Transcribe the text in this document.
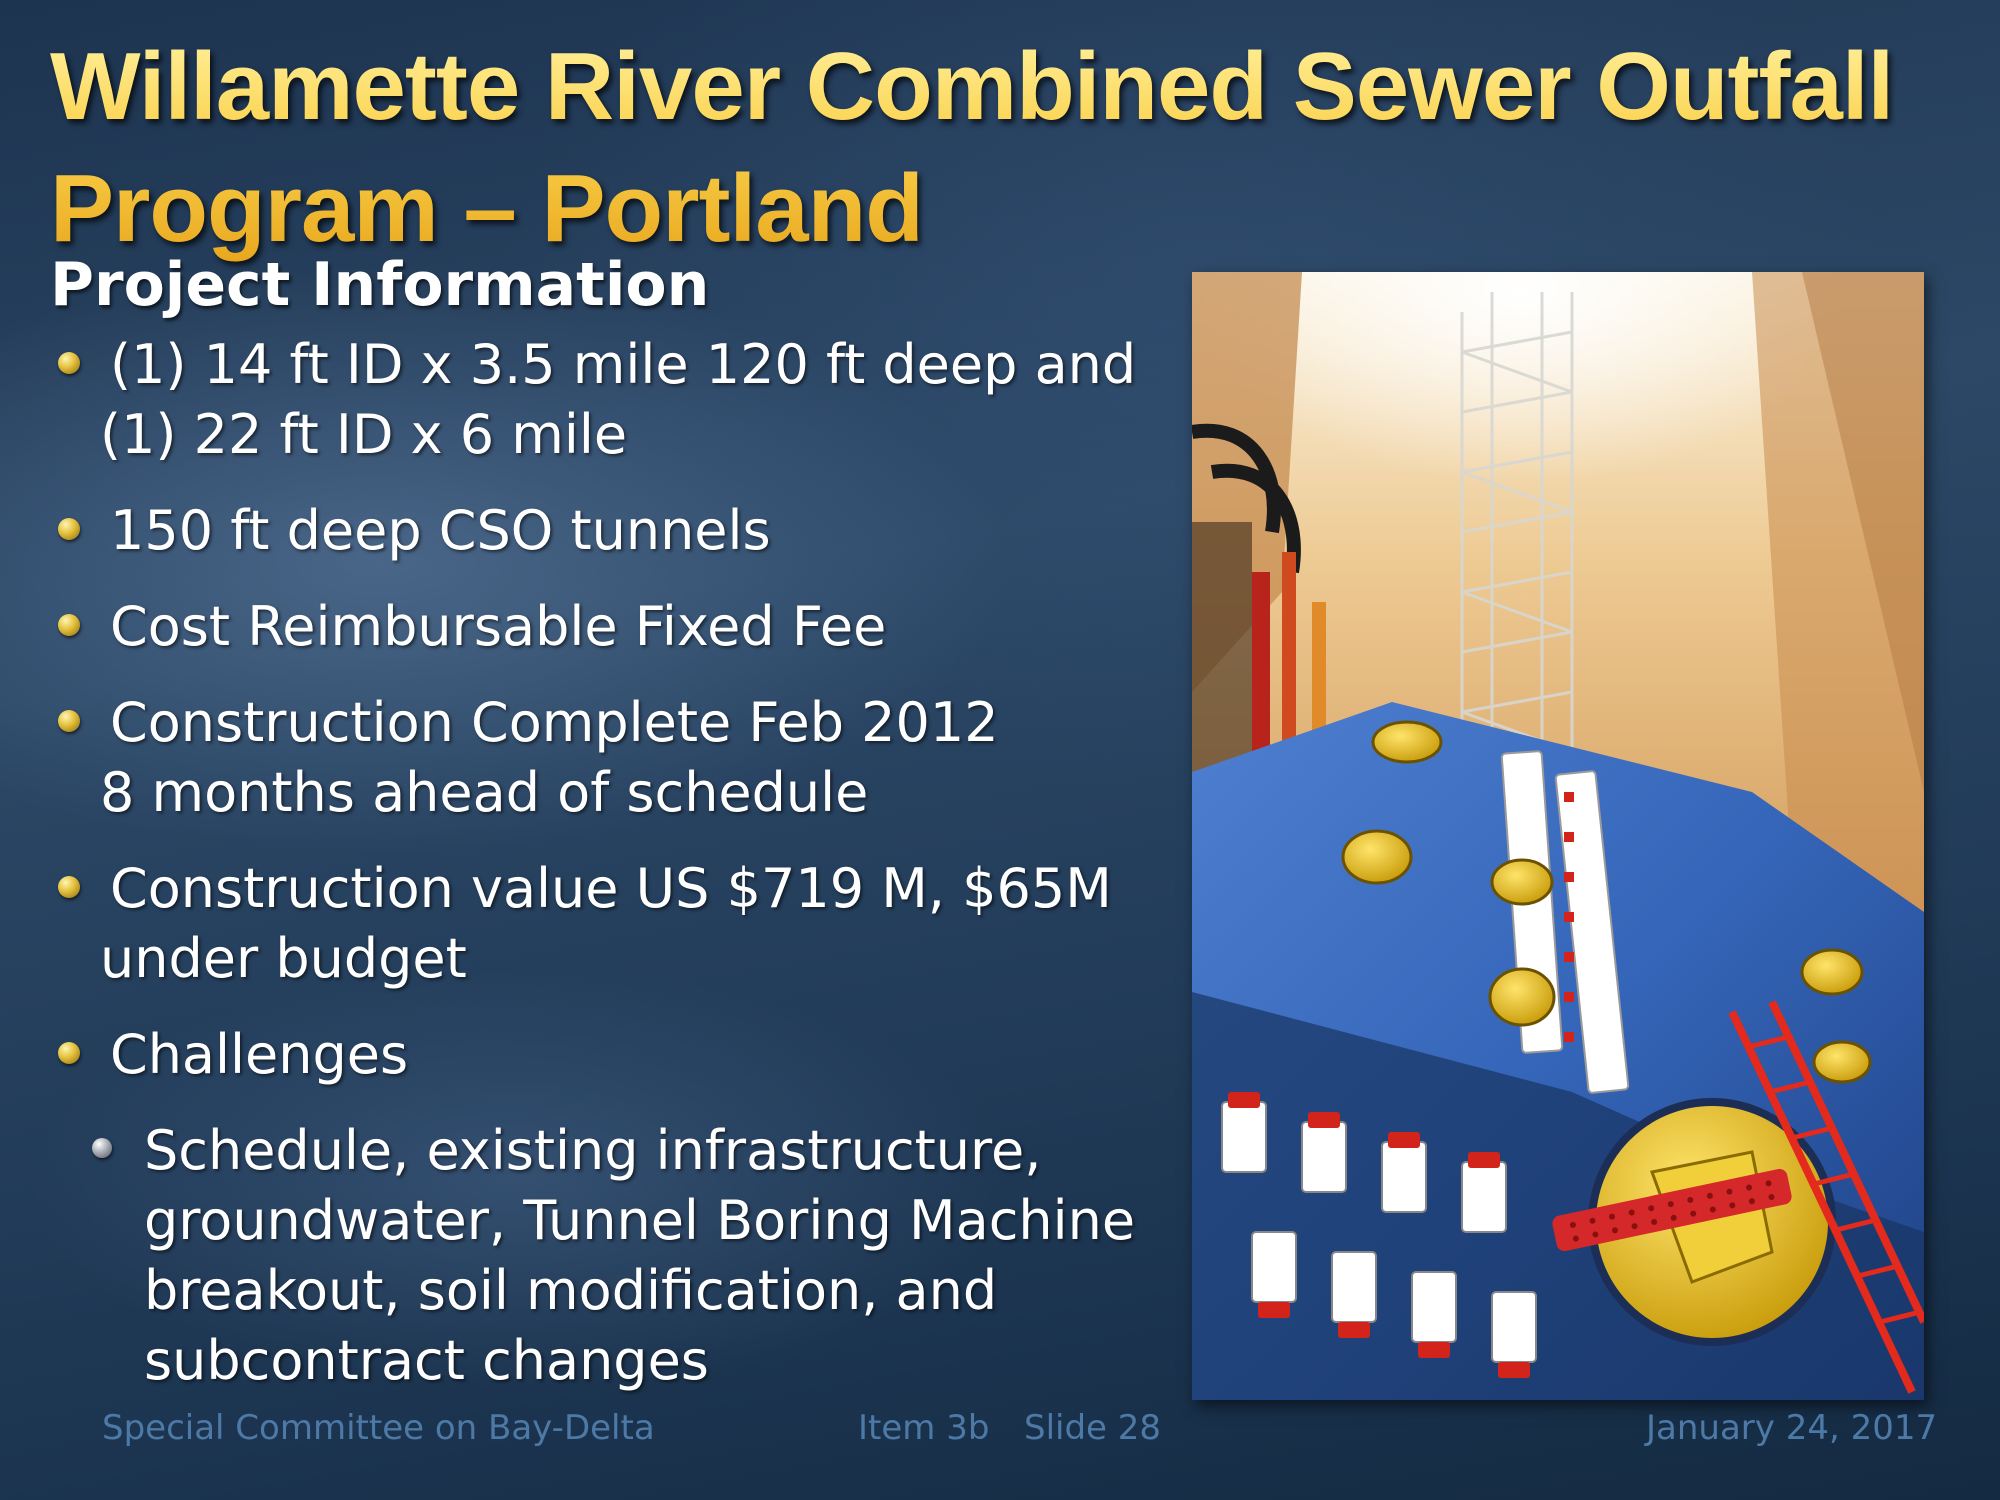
Willamette River Combined Sewer Outfall Program – Portland
Project Information
(1) 14 ft ID x 3.5 mile 120 ft deep and (1) 22 ft ID x 6 mile
150 ft deep CSO tunnels
Cost Reimbursable Fixed Fee
Construction Complete Feb 2012 8 months ahead of schedule
Construction value US $719 M, $65M under budget
Challenges
Schedule, existing infrastructure, groundwater, Tunnel Boring Machine breakout, soil modification, and subcontract changes

Special Committee on Bay-Delta	Item 3b Slide 28	January 24, 2017
